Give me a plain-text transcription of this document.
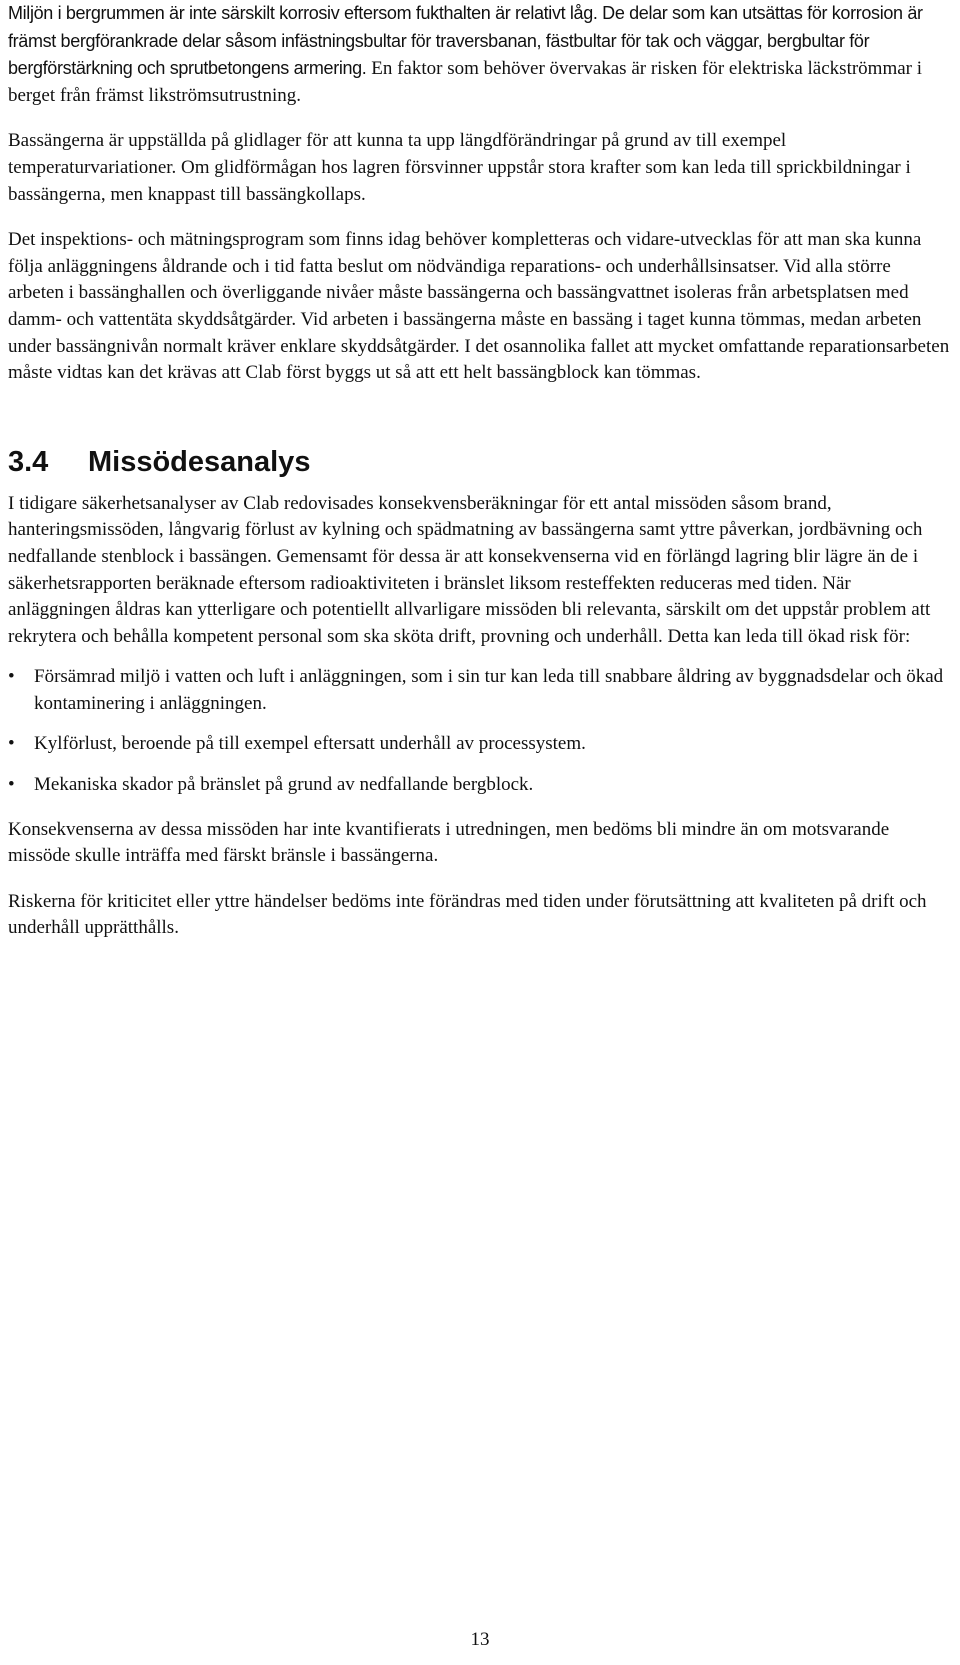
Miljön i bergrummen är inte särskilt korrosiv eftersom fukthalten är relativt låg. De delar som kan utsättas för korrosion är främst bergförankrade delar såsom infästningsbultar för traversbanan, fästbultar för tak och väggar, bergbultar för bergförstärkning och sprutbetongens armering. En faktor som behöver övervakas är risken för elektriska läckströmmar i berget från främst likströmsutrustning.

Bassängerna är uppställda på glidlager för att kunna ta upp längdförändringar på grund av till exempel temperaturvariationer. Om glidförmågan hos lagren försvinner uppstår stora krafter som kan leda till sprickbildningar i bassängerna, men knappast till bassängkollaps.

Det inspektions- och mätningsprogram som finns idag behöver kompletteras och vidare-utvecklas för att man ska kunna följa anläggningens åldrande och i tid fatta beslut om nödvändiga reparations- och underhållsinsatser. Vid alla större arbeten i bassänghallen och överliggande nivåer måste bassängerna och bassängvattnet isoleras från arbetsplatsen med damm- och vattentäta skyddsåtgärder. Vid arbeten i bassängerna måste en bassäng i taget kunna tömmas, medan arbeten under bassängnivån normalt kräver enklare skyddsåtgärder. I det osannolika fallet att mycket omfattande reparationsarbeten måste vidtas kan det krävas att Clab först byggs ut så att ett helt bassängblock kan tömmas.

3.4 Missödesanalys

I tidigare säkerhetsanalyser av Clab redovisades konsekvensberäkningar för ett antal missöden såsom brand, hanteringsmissöden, långvarig förlust av kylning och spädmatning av bassängerna samt yttre påverkan, jordbävning och nedfallande stenblock i bassängen. Gemensamt för dessa är att konsekvenserna vid en förlängd lagring blir lägre än de i säkerhetsrapporten beräknade eftersom radioaktiviteten i bränslet liksom resteffekten reduceras med tiden. När anläggningen åldras kan ytterligare och potentiellt allvarligare missöden bli relevanta, särskilt om det uppstår problem att rekrytera och behålla kompetent personal som ska sköta drift, provning och underhåll. Detta kan leda till ökad risk för:

• Försämrad miljö i vatten och luft i anläggningen, som i sin tur kan leda till snabbare åldring av byggnadsdelar och ökad kontaminering i anläggningen.
• Kylförlust, beroende på till exempel eftersatt underhåll av processystem.
• Mekaniska skador på bränslet på grund av nedfallande bergblock.

Konsekvenserna av dessa missöden har inte kvantifierats i utredningen, men bedöms bli mindre än om motsvarande missöde skulle inträffa med färskt bränsle i bassängerna.

Riskerna för kriticitet eller yttre händelser bedöms inte förändras med tiden under förutsättning att kvaliteten på drift och underhåll upprätthålls.

13
